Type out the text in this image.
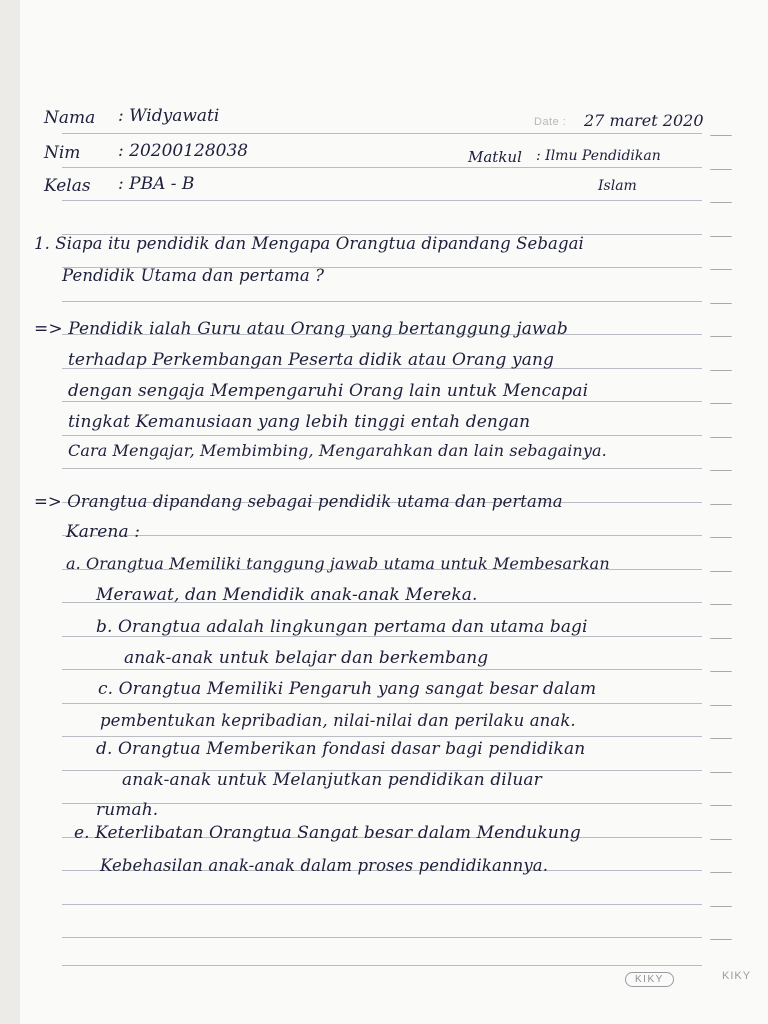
Nama : Widyawati
Nim : 20200128038
Kelas : PBA - B
Date : 27 maret 2020
Matkul : Ilmu Pendidikan
Islam
1. Siapa itu pendidik dan Mengapa Orangtua dipandang Sebagai
Pendidik Utama dan pertama ?
=> Pendidik ialah Guru atau Orang yang bertanggung jawab
terhadap Perkembangan Peserta didik atau Orang yang
dengan sengaja Mempengaruhi Orang lain untuk Mencapai
tingkat Kemanusiaan yang lebih tinggi entah dengan
Cara Mengajar, Membimbing, Mengarahkan dan lain sebagainya.
=> Orangtua dipandang sebagai pendidik utama dan pertama
Karena :
a. Orangtua Memiliki tanggung jawab utama untuk Membesarkan
Merawat, dan Mendidik anak-anak Mereka.
b. Orangtua adalah lingkungan pertama dan utama bagi
anak-anak untuk belajar dan berkembang
c. Orangtua Memiliki Pengaruh yang sangat besar dalam
pembentukan kepribadian, nilai-nilai dan perilaku anak.
d. Orangtua Memberikan fondasi dasar bagi pendidikan
anak-anak untuk Melanjutkan pendidikan diluar
rumah.
e. Keterlibatan Orangtua Sangat besar dalam Mendukung
Kebehasilan anak-anak dalam proses pendidikannya.
KIKY	KIKY
